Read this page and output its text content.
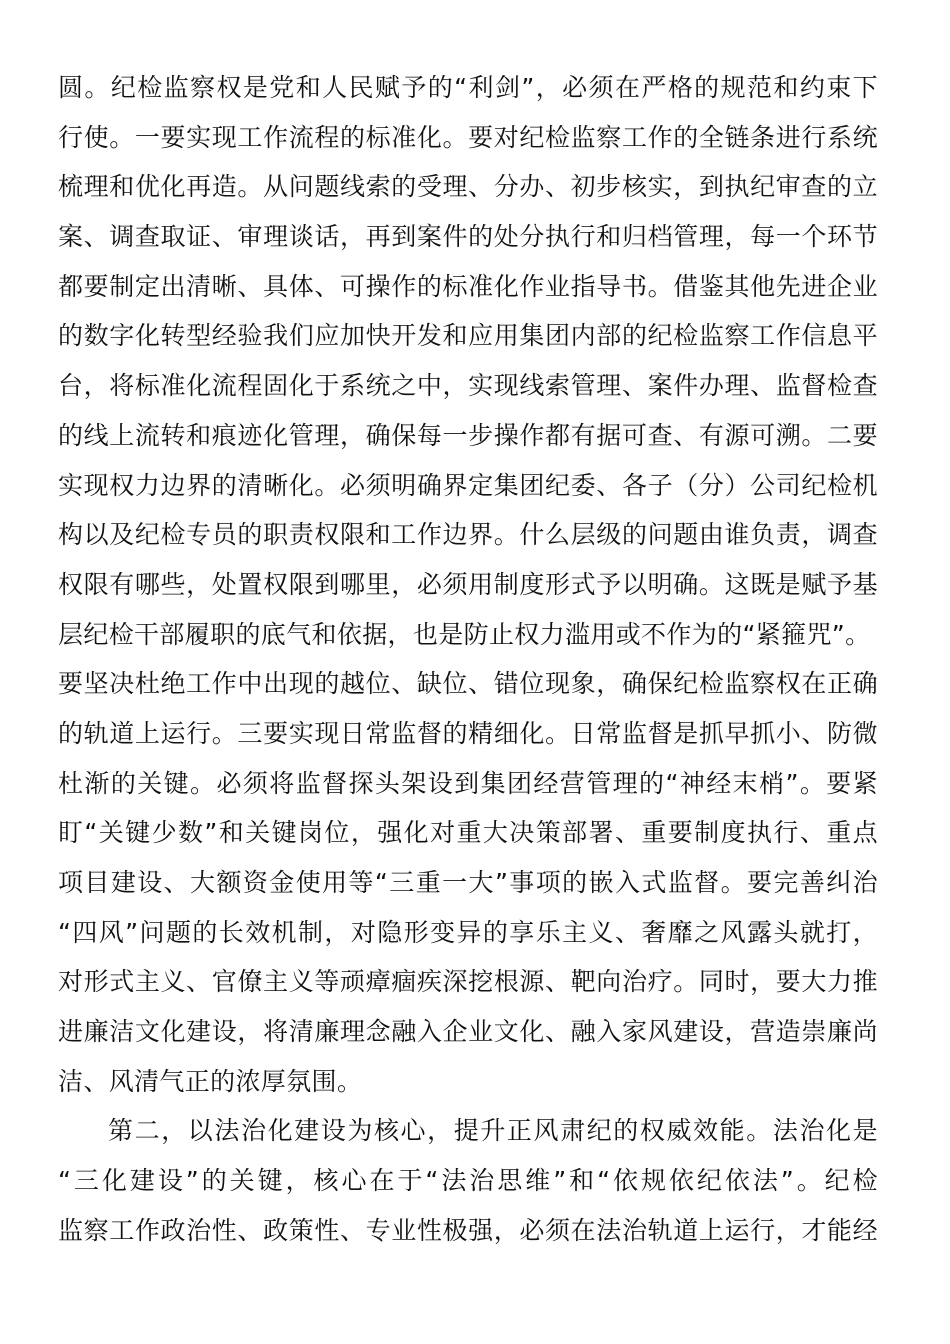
圆。纪检监察权是党和人民赋予的“利剑”，必须在严格的规范和约束下
行使。一要实现工作流程的标准化。要对纪检监察工作的全链条进行系统
梳理和优化再造。从问题线索的受理、分办、初步核实，到执纪审查的立
案、调查取证、审理谈话，再到案件的处分执行和归档管理，每一个环节
都要制定出清晰、具体、可操作的标准化作业指导书。借鉴其他先进企业
的数字化转型经验我们应加快开发和应用集团内部的纪检监察工作信息平
台，将标准化流程固化于系统之中，实现线索管理、案件办理、监督检查
的线上流转和痕迹化管理，确保每一步操作都有据可查、有源可溯。二要
实现权力边界的清晰化。必须明确界定集团纪委、各子（分）公司纪检机
构以及纪检专员的职责权限和工作边界。什么层级的问题由谁负责，调查
权限有哪些，处置权限到哪里，必须用制度形式予以明确。这既是赋予基
层纪检干部履职的底气和依据，也是防止权力滥用或不作为的“紧箍咒”。
要坚决杜绝工作中出现的越位、缺位、错位现象，确保纪检监察权在正确
的轨道上运行。三要实现日常监督的精细化。日常监督是抓早抓小、防微
杜渐的关键。必须将监督探头架设到集团经营管理的“神经末梢”。要紧
盯“关键少数”和关键岗位，强化对重大决策部署、重要制度执行、重点
项目建设、大额资金使用等“三重一大”事项的嵌入式监督。要完善纠治
“四风”问题的长效机制，对隐形变异的享乐主义、奢靡之风露头就打，
对形式主义、官僚主义等顽瘴痼疾深挖根源、靶向治疗。同时，要大力推
进廉洁文化建设，将清廉理念融入企业文化、融入家风建设，营造崇廉尚
洁、风清气正的浓厚氛围。
第二，以法治化建设为核心，提升正风肃纪的权威效能。法治化是
“三化建设”的关键，核心在于“法治思维”和“依规依纪依法”。纪检
监察工作政治性、政策性、专业性极强，必须在法治轨道上运行，才能经
